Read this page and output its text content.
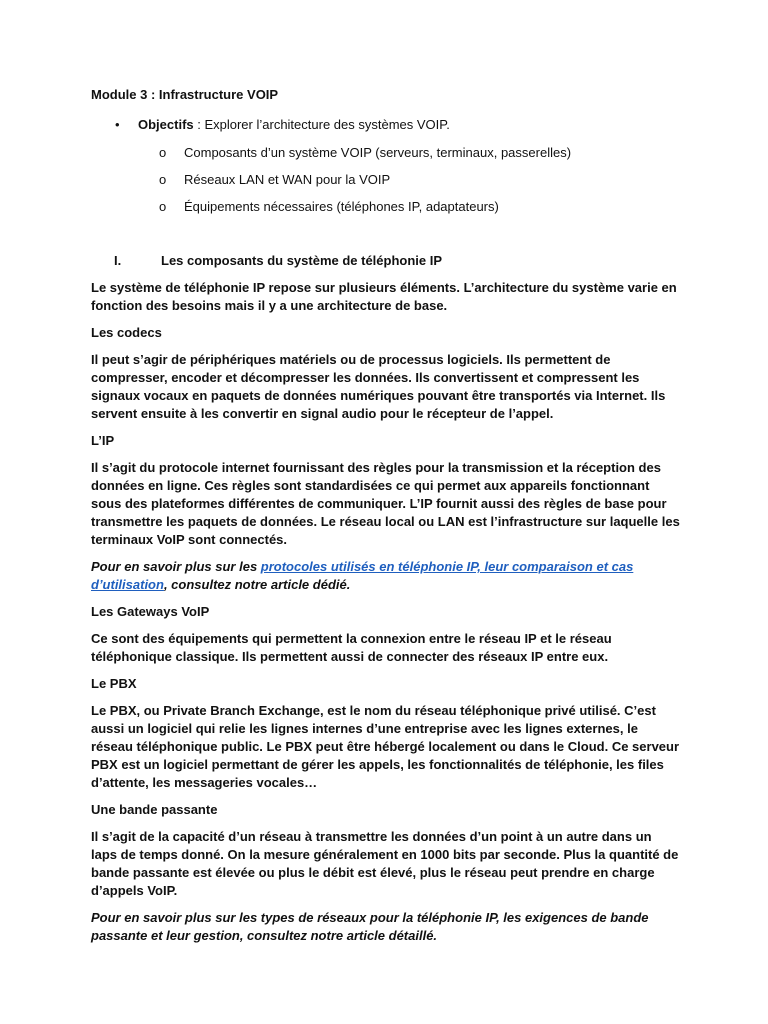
Module 3 : Infrastructure VOIP

• Objectifs : Explorer l’architecture des systèmes VOIP.
o Composants d’un système VOIP (serveurs, terminaux, passerelles)
o Réseaux LAN et WAN pour la VOIP
o Équipements nécessaires (téléphones IP, adaptateurs)
I.	Les composants du système de téléphonie IP

Le système de téléphonie IP repose sur plusieurs éléments. L’architecture du système varie en fonction des besoins mais il y a une architecture de base.

Les codecs

Il peut s’agir de périphériques matériels ou de processus logiciels. Ils permettent de compresser, encoder et décompresser les données. Ils convertissent et compressent les signaux vocaux en paquets de données numériques pouvant être transportés via Internet. Ils servent ensuite à les convertir en signal audio pour le récepteur de l’appel.

L’IP

Il s’agit du protocole internet fournissant des règles pour la transmission et la réception des données en ligne. Ces règles sont standardisées ce qui permet aux appareils fonctionnant sous des plateformes différentes de communiquer. L’IP fournit aussi des règles de base pour transmettre les paquets de données. Le réseau local ou LAN est l’infrastructure sur laquelle les terminaux VoIP sont connectés.

Pour en savoir plus sur les protocoles utilisés en téléphonie IP, leur comparaison et cas d’utilisation, consultez notre article dédié.

Les Gateways VoIP

Ce sont des équipements qui permettent la connexion entre le réseau IP et le réseau téléphonique classique. Ils permettent aussi de connecter des réseaux IP entre eux.

Le PBX

Le PBX, ou Private Branch Exchange, est le nom du réseau téléphonique privé utilisé. C’est aussi un logiciel qui relie les lignes internes d’une entreprise avec les lignes externes, le réseau téléphonique public. Le PBX peut être hébergé localement ou dans le Cloud. Ce serveur PBX est un logiciel permettant de gérer les appels, les fonctionnalités de téléphonie, les files d’attente, les messageries vocales…

Une bande passante

Il s’agit de la capacité d’un réseau à transmettre les données d’un point à un autre dans un laps de temps donné. On la mesure généralement en 1000 bits par seconde. Plus la quantité de bande passante est élevée ou plus le débit est élevé, plus le réseau peut prendre en charge d’appels VoIP.

Pour en savoir plus sur les types de réseaux pour la téléphonie IP, les exigences de bande passante et leur gestion, consultez notre article détaillé.
